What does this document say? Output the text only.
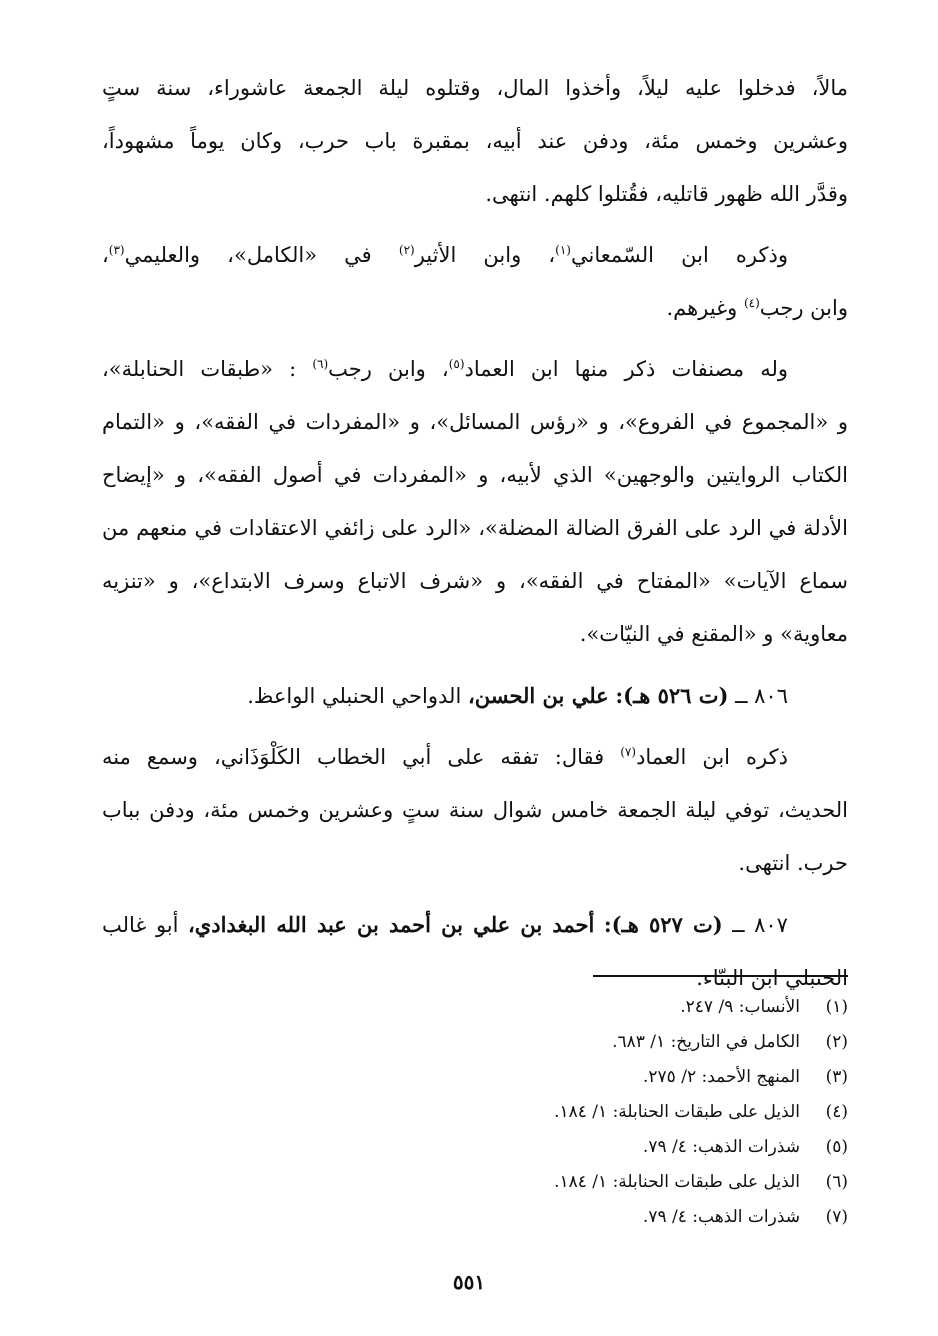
مالاً، فدخلوا عليه ليلاً، وأخذوا المال، وقتلوه ليلة الجمعة عاشوراء، سنة ستٍ
وعشرين وخمس مئة، ودفن عند أبيه، بمقبرة باب حرب، وكان يوماً مشهوداً،
وقدَّر الله ظهور قاتليه، فقُتلوا كلهم. انتهى.
وذكره ابن السّمعاني$^{(١)}$، وابن الأثير$^{(٢)}$ في «الكامل»، والعليمي$^{(٣)}$،
وابن رجب$^{(٤)}$ وغيرهم.
وله مصنفات ذكر منها ابن العماد$^{(٥)}$، وابن رجب$^{(٦)}$ : «طبقات الحنابلة»،
و «المجموع في الفروع»، و «رؤس المسائل»، و «المفردات في الفقه»، و «التمام
الكتاب الروايتين والوجهين» الذي لأبيه، و «المفردات في أصول الفقه»، و «إيضاح
الأدلة في الرد على الفرق الضالة المضلة»، «الرد على زائفي الاعتقادات في منعهم من
سماع الآيات» «المفتاح في الفقه»، و «شرف الاتباع وسرف الابتداع»، و «تنزيه
معاوية» و «المقنع في النيّات».
٨٠٦ ــ (ت ٥٢٦ هـ): علي بن الحسن، الدواحي الحنبلي الواعظ.
ذكره ابن العماد$^{(٧)}$ فقال: تفقه على أبي الخطاب الكَلْوَذَاني، وسمع منه
الحديث، توفي ليلة الجمعة خامس شوال سنة ستٍ وعشرين وخمس مئة، ودفن بباب
حرب. انتهى.
٨٠٧ ــ (ت ٥٢٧ هـ): أحمد بن علي بن أحمد بن عبد الله البغدادي، أبو غالب
الحنبلي ابن البنّاء.
(١)الأنساب: ٩/ ٢٤٧.
(٢)الكامل في التاريخ: ١/ ٦٨٣.
(٣)المنهج الأحمد: ٢/ ٢٧٥.
(٤)الذيل على طبقات الحنابلة: ١/ ١٨٤.
(٥)شذرات الذهب: ٤/ ٧٩.
(٦)الذيل على طبقات الحنابلة: ١/ ١٨٤.
(٧)شذرات الذهب: ٤/ ٧٩.
٥٥١
